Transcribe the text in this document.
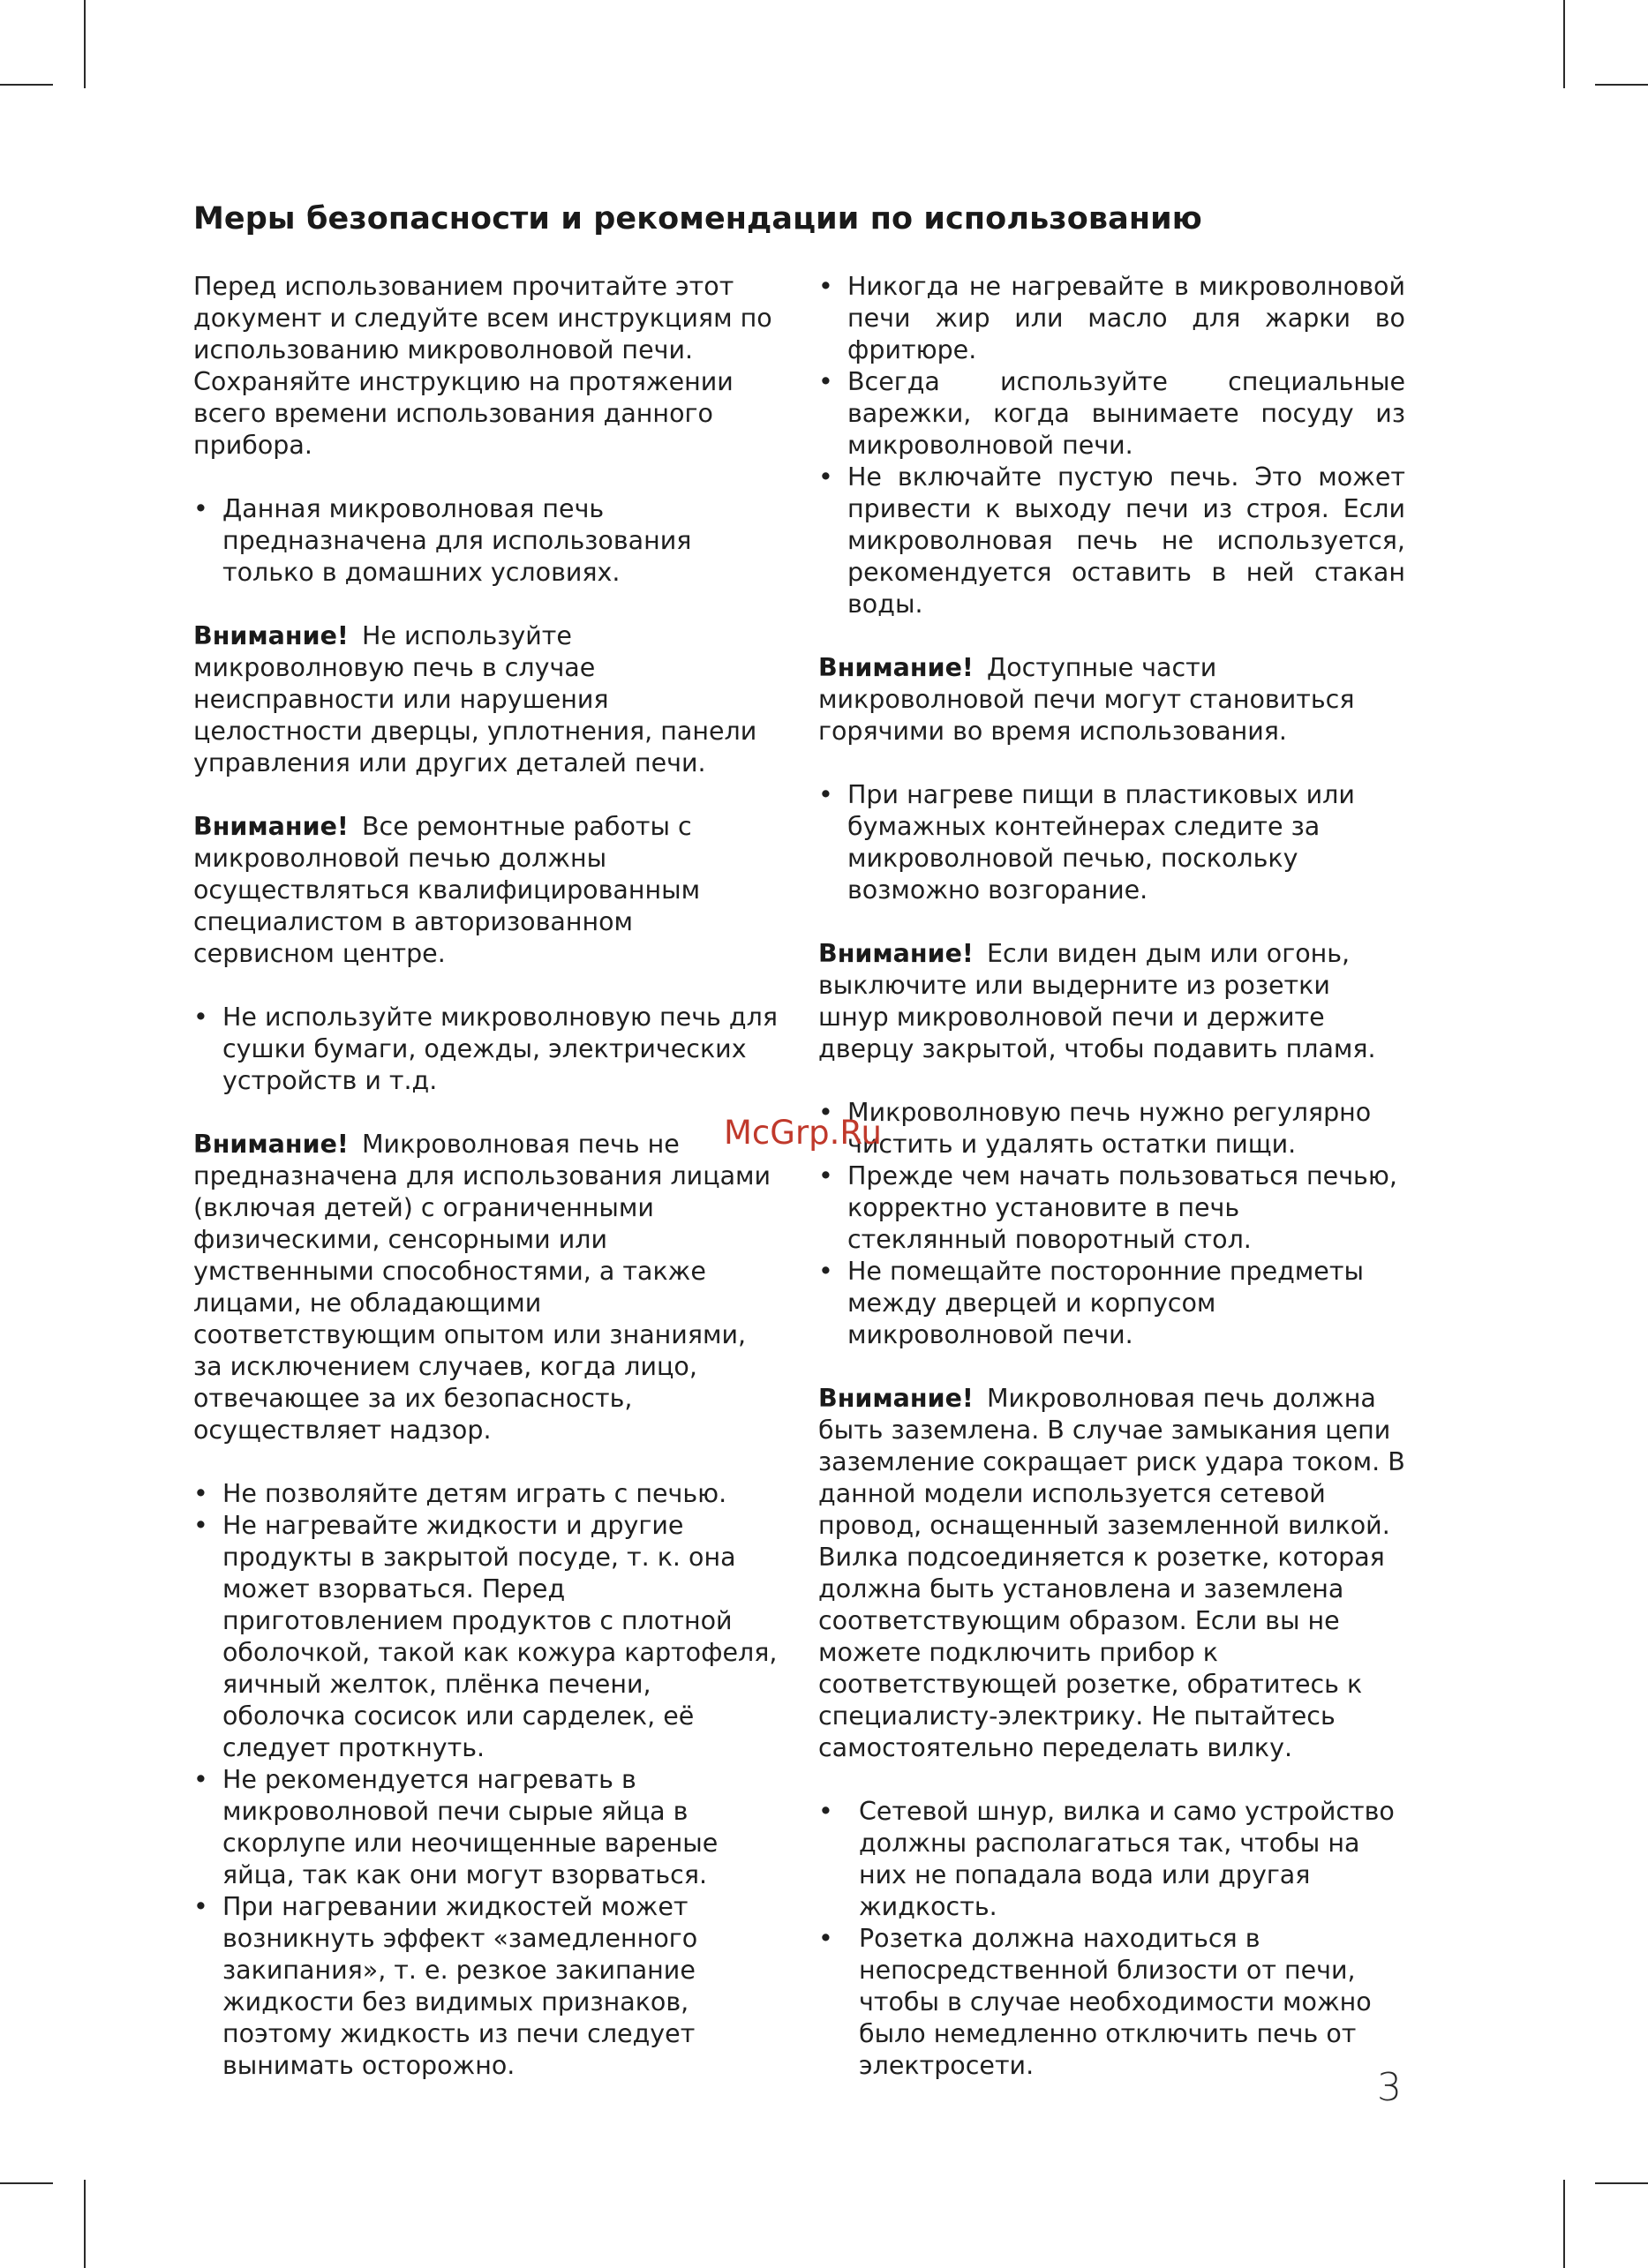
Меры безопасности и рекомендации по использованию

Перед использованием прочитайте этот документ и следуйте всем инструкциям по использованию микроволновой печи. Сохраняйте инструкцию на протяжении всего времени использования данного прибора.

• Данная микроволновая печь предназначена для использования только в домашних условиях.

Внимание! Не используйте микроволновую печь в случае неисправности или нарушения целостности дверцы, уплотнения, панели управления или других деталей печи.

Внимание! Все ремонтные работы с микроволновой печью должны осуществляться квалифицированным специалистом в авторизованном сервисном центре.

• Не используйте микроволновую печь для сушки бумаги, одежды, электрических устройств и т.д.

Внимание! Микроволновая печь не предназначена для использования лицами (включая детей) с ограниченными физическими, сенсорными или умственными способностями, а также лицами, не обладающими соответствующим опытом или знаниями, за исключением случаев, когда лицо, отвечающее за их безопасность, осуществляет надзор.

• Не позволяйте детям играть с печью.
• Не нагревайте жидкости и другие продукты в закрытой посуде, т. к. она может взорваться. Перед приготовлением продуктов с плотной оболочкой, такой как кожура картофеля, яичный желток, плёнка печени, оболочка сосисок или сарделек, её следует проткнуть.
• Не рекомендуется нагревать в микроволновой печи сырые яйца в скорлупе или неочищенные вареные яйца, так как они могут взорваться.
• При нагревании жидкостей может возникнуть эффект «замедленного закипания», т. е. резкое закипание жидкости без видимых признаков, поэтому жидкость из печи следует вынимать осторожно.
• Никогда не нагревайте в микроволновой печи жир или масло для жарки во фритюре.
• Всегда используйте специальные варежки, когда вынимаете посуду из микроволновой печи.
• Не включайте пустую печь. Это может привести к выходу печи из строя. Если микроволновая печь не используется, рекомендуется оставить в ней стакан воды.

Внимание! Доступные части микроволновой печи могут становиться горячими во время использования.

• При нагреве пищи в пластиковых или бумажных контейнерах следите за микроволновой печью, поскольку возможно возгорание.

Внимание! Если виден дым или огонь, выключите или выдерните из розетки шнур микроволновой печи и держите дверцу закрытой, чтобы подавить пламя.

• Микроволновую печь нужно регулярно чистить и удалять остатки пищи.
• Прежде чем начать пользоваться печью, корректно установите в печь стеклянный поворотный стол.
• Не помещайте посторонние предметы между дверцей и корпусом микроволновой печи.

Внимание! Микроволновая печь должна быть заземлена. В случае замыкания цепи заземление сокращает риск удара током. В данной модели используется сетевой провод, оснащенный заземленной вилкой. Вилка подсоединяется к розетке, которая должна быть установлена и заземлена соответствующим образом. Если вы не можете подключить прибор к соответствующей розетке, обратитесь к специалисту-электрику. Не пытайтесь самостоятельно переделать вилку.

• Сетевой шнур, вилка и само устройство должны располагаться так, чтобы на них не попадала вода или другая жидкость.
• Розетка должна находиться в непосредственной близости от печи, чтобы в случае необходимости можно было немедленно отключить печь от электросети.
McGrp.Ru
3
